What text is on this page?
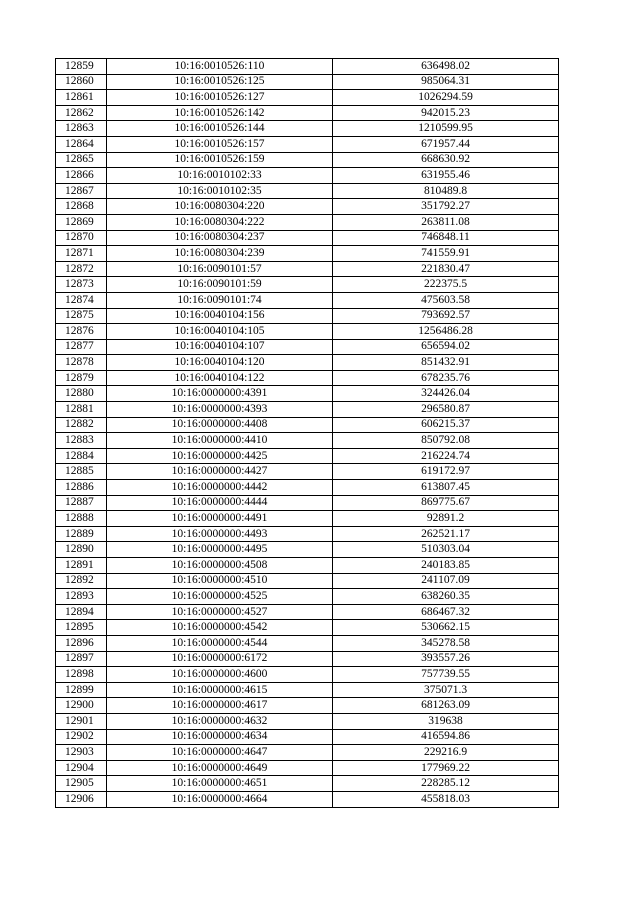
12859	10:16:0010526:110	636498.02
12860	10:16:0010526:125	985064.31
12861	10:16:0010526:127	1026294.59
12862	10:16:0010526:142	942015.23
12863	10:16:0010526:144	1210599.95
12864	10:16:0010526:157	671957.44
12865	10:16:0010526:159	668630.92
12866	10:16:0010102:33	631955.46
12867	10:16:0010102:35	810489.8
12868	10:16:0080304:220	351792.27
12869	10:16:0080304:222	263811.08
12870	10:16:0080304:237	746848.11
12871	10:16:0080304:239	741559.91
12872	10:16:0090101:57	221830.47
12873	10:16:0090101:59	222375.5
12874	10:16:0090101:74	475603.58
12875	10:16:0040104:156	793692.57
12876	10:16:0040104:105	1256486.28
12877	10:16:0040104:107	656594.02
12878	10:16:0040104:120	851432.91
12879	10:16:0040104:122	678235.76
12880	10:16:0000000:4391	324426.04
12881	10:16:0000000:4393	296580.87
12882	10:16:0000000:4408	606215.37
12883	10:16:0000000:4410	850792.08
12884	10:16:0000000:4425	216224.74
12885	10:16:0000000:4427	619172.97
12886	10:16:0000000:4442	613807.45
12887	10:16:0000000:4444	869775.67
12888	10:16:0000000:4491	92891.2
12889	10:16:0000000:4493	262521.17
12890	10:16:0000000:4495	510303.04
12891	10:16:0000000:4508	240183.85
12892	10:16:0000000:4510	241107.09
12893	10:16:0000000:4525	638260.35
12894	10:16:0000000:4527	686467.32
12895	10:16:0000000:4542	530662.15
12896	10:16:0000000:4544	345278.58
12897	10:16:0000000:6172	393557.26
12898	10:16:0000000:4600	757739.55
12899	10:16:0000000:4615	375071.3
12900	10:16:0000000:4617	681263.09
12901	10:16:0000000:4632	319638
12902	10:16:0000000:4634	416594.86
12903	10:16:0000000:4647	229216.9
12904	10:16:0000000:4649	177969.22
12905	10:16:0000000:4651	228285.12
12906	10:16:0000000:4664	455818.03
